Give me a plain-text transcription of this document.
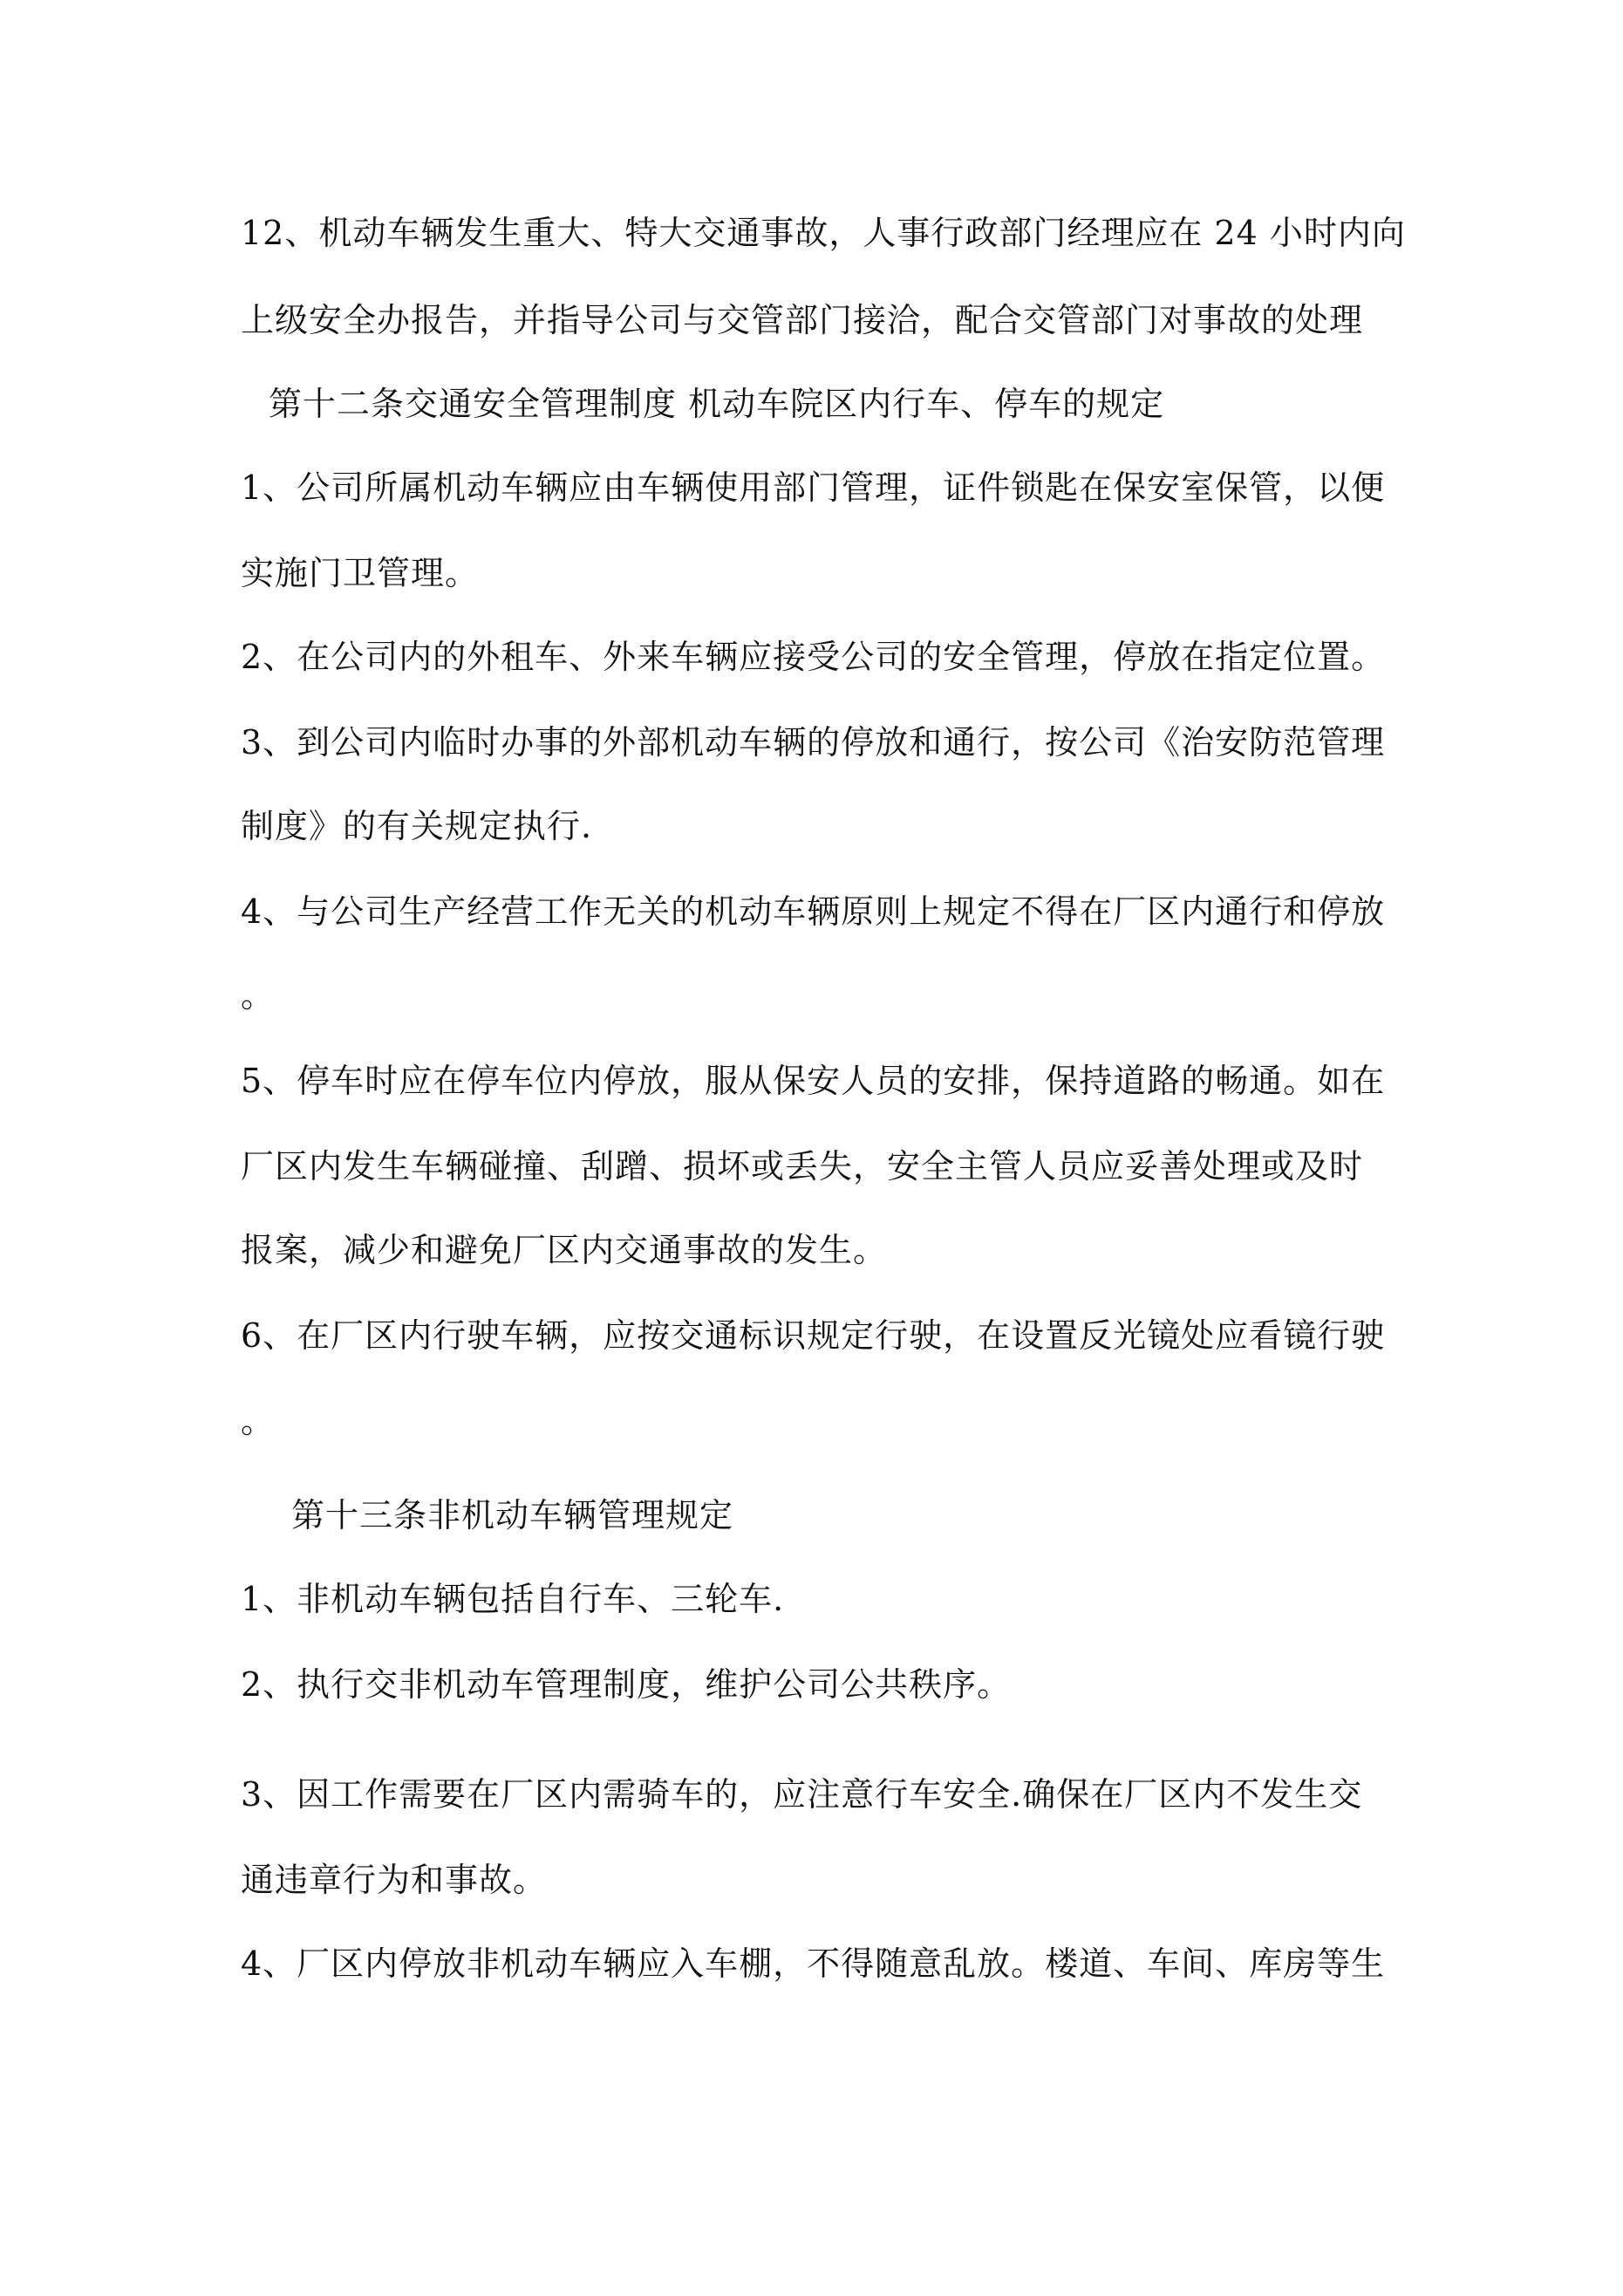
12、机动车辆发生重大、特大交通事故，人事行政部门经理应在 24 小时内向
上级安全办报告，并指导公司与交管部门接洽，配合交管部门对事故的处理
第十二条交通安全管理制度 机动车院区内行车、停车的规定
1、公司所属机动车辆应由车辆使用部门管理，证件锁匙在保安室保管，以便
实施门卫管理。
2、在公司内的外租车、外来车辆应接受公司的安全管理，停放在指定位置。
3、到公司内临时办事的外部机动车辆的停放和通行，按公司《治安防范管理
制度》的有关规定执行.
4、与公司生产经营工作无关的机动车辆原则上规定不得在厂区内通行和停放
。
5、停车时应在停车位内停放，服从保安人员的安排，保持道路的畅通。如在
厂区内发生车辆碰撞、刮蹭、损坏或丢失，安全主管人员应妥善处理或及时
报案，减少和避免厂区内交通事故的发生。
6、在厂区内行驶车辆，应按交通标识规定行驶，在设置反光镜处应看镜行驶
。
第十三条非机动车辆管理规定
1、非机动车辆包括自行车、三轮车.
2、执行交非机动车管理制度，维护公司公共秩序。
3、因工作需要在厂区内需骑车的，应注意行车安全.确保在厂区内不发生交
通违章行为和事故。
4、厂区内停放非机动车辆应入车棚，不得随意乱放。楼道、车间、库房等生
